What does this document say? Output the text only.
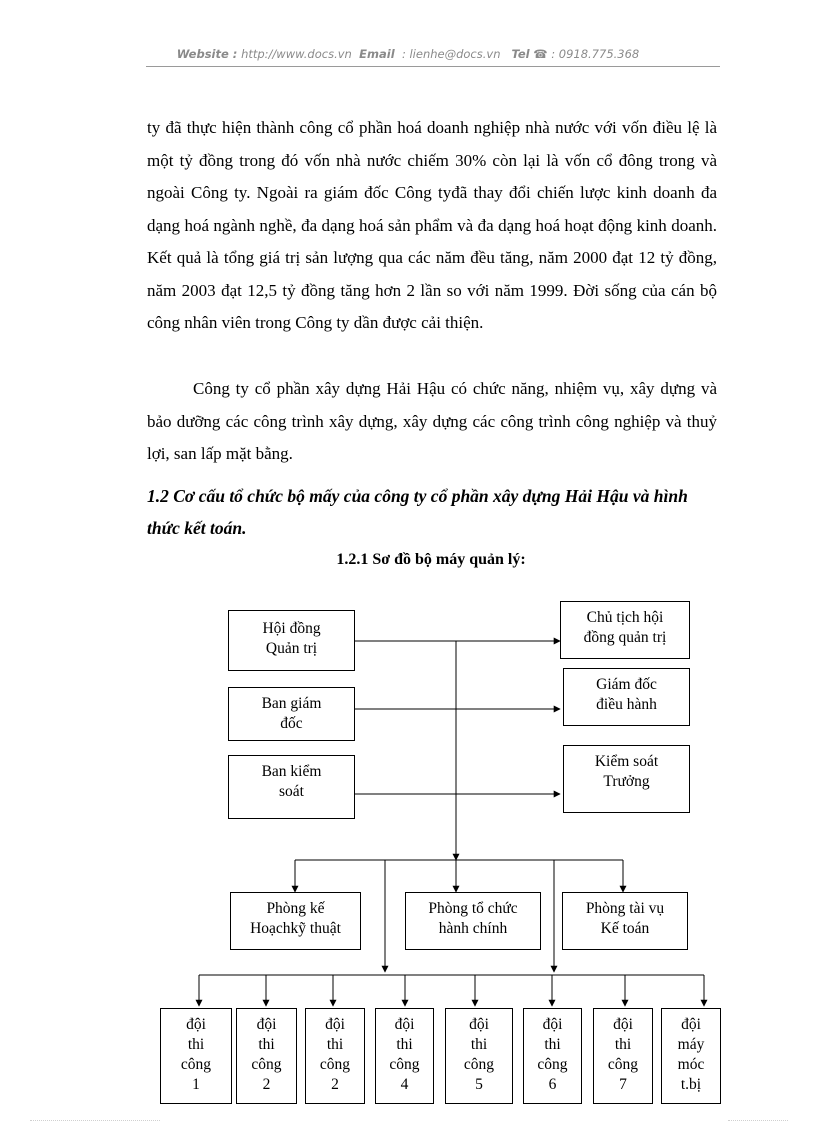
Website : http://www.docs.vn Email : lienhe@docs.vn Tel ☎ : 0918.775.368
ty đã thực hiện thành công cổ phần hoá doanh nghiệp nhà nước với vốn điều lệ là một tỷ đồng trong đó vốn nhà nước chiếm 30% còn lại là vốn cổ đông trong và ngoài Công ty. Ngoài ra giám đốc Công tyđã thay đổi chiến lược kinh doanh đa dạng hoá ngành nghề, đa dạng hoá sản phẩm và đa dạng hoá hoạt động kinh doanh. Kết quả là tổng giá trị sản lượng qua các năm đều tăng, năm 2000 đạt 12 tỷ đồng, năm 2003 đạt 12,5 tỷ đồng tăng hơn 2 lần so với năm 1999. Đời sống của cán bộ công nhân viên trong Công ty dần được cải thiện.
Công ty cổ phần xây dựng Hải Hậu có chức năng, nhiệm vụ, xây dựng và bảo dưỡng các công trình xây dựng, xây dựng các công trình công nghiệp và thuỷ lợi, san lấp mặt bằng.
1.2 Cơ cấu tổ chức bộ mấy của công ty cổ phần xây dựng Hải Hậu và hình thức kết toán.
1.2.1 Sơ đồ bộ máy quản lý:
Hội đồng
Quản trị
Ban giám
đốc
Ban kiểm
soát
Chủ tịch hội
đồng quản trị
Giám đốc
điều hành
Kiểm soát
Trưởng
Phòng kế
Hoạchkỹ thuật
Phòng tổ chức
hành chính
Phòng tài vụ
Kế toán
đội
thi
công
1
đội
thi
công
2
đội
thi
công
2
đội
thi
công
4
đội
thi
công
5
đội
thi
công
6
đội
thi
công
7
đội
máy
móc
t.bị
